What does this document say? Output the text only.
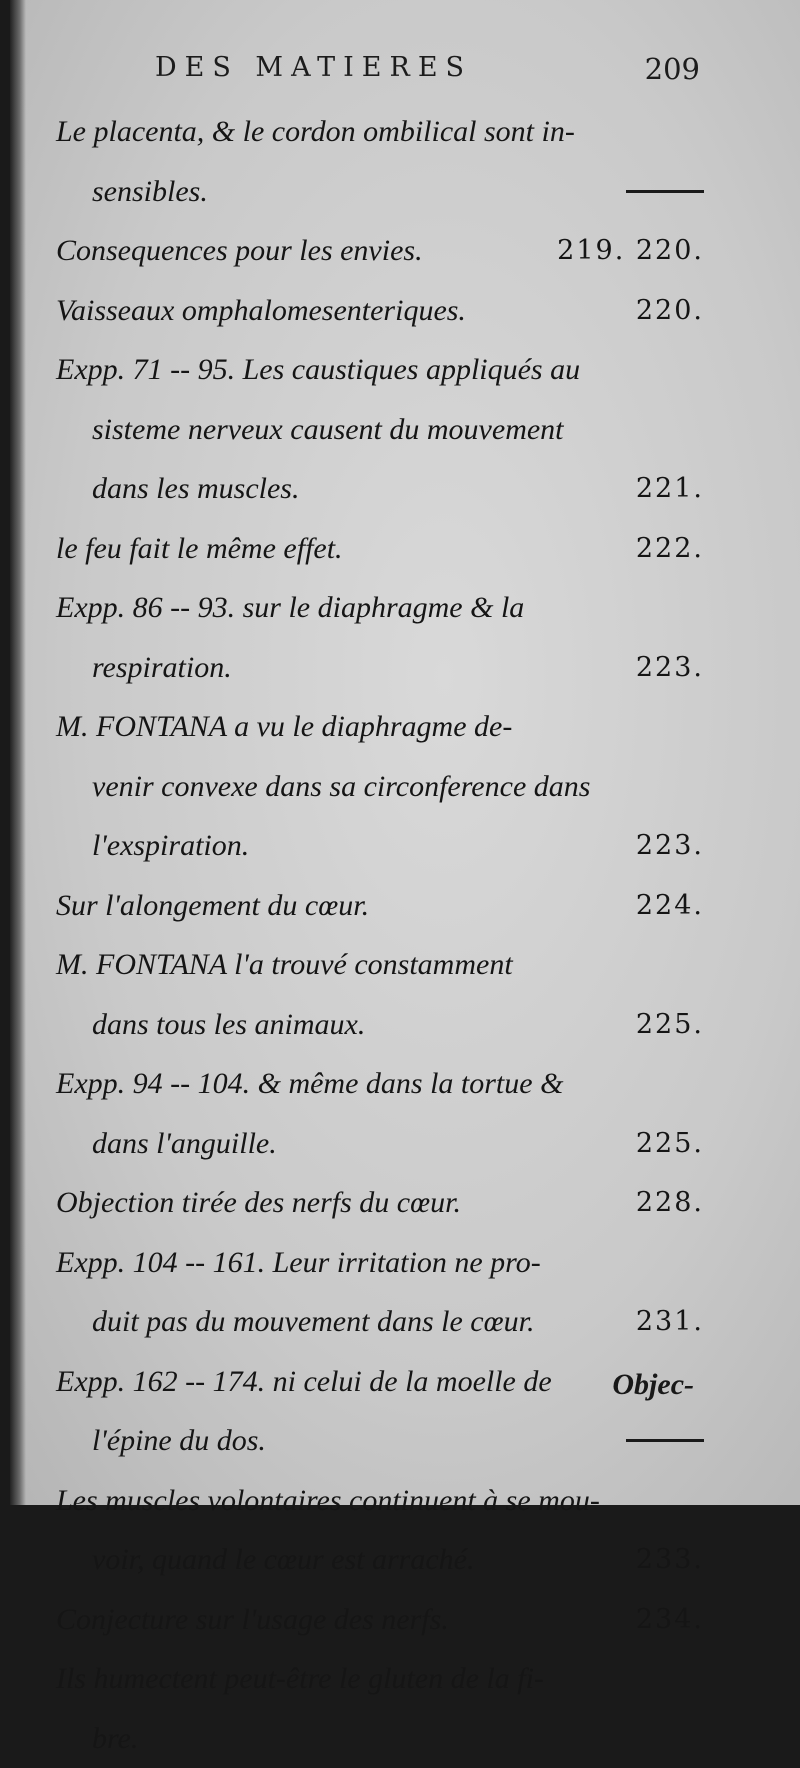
DES MATIERES	209
Le placenta, & le cordon ombilical sont in-
sensibles.
Consequences pour les envies.	219. 220.
Vaisseaux omphalomesenteriques.	220.
Expp. 71 -- 95. Les caustiques appliqués au
sisteme nerveux causent du mouvement
dans les muscles.	221.
le feu fait le même effet.	222.
Expp. 86 -- 93. sur le diaphragme & la
respiration.	223.
M. FONTANA a vu le diaphragme de-
venir convexe dans sa circonference dans
l'exspiration.	223.
Sur l'alongement du cœur.	224.
M. FONTANA l'a trouvé constamment
dans tous les animaux.	225.
Expp. 94 -- 104. & même dans la tortue &
dans l'anguille.	225.
Objection tirée des nerfs du cœur.	228.
Expp. 104 -- 161. Leur irritation ne pro-
duit pas du mouvement dans le cœur.	231.
Expp. 162 -- 174. ni celui de la moelle de
l'épine du dos.
Les muscles volontaires continuent à se mou-
voir, quand le cœur est arraché.	233.
Conjecture sur l'usage des nerfs.	234.
Ils humectent peut-être le gluten de la fi-
bre.
Objec-
